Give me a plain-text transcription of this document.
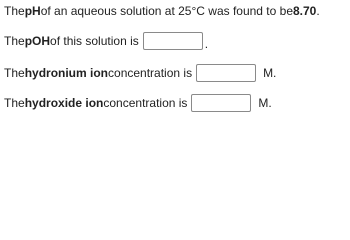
The pH of an aqueous solution at 25°C was found to be 8.70 .
The pOH of this solution is	.
The hydronium ion concentration is	M.
The hydroxide ion concentration is	M.
